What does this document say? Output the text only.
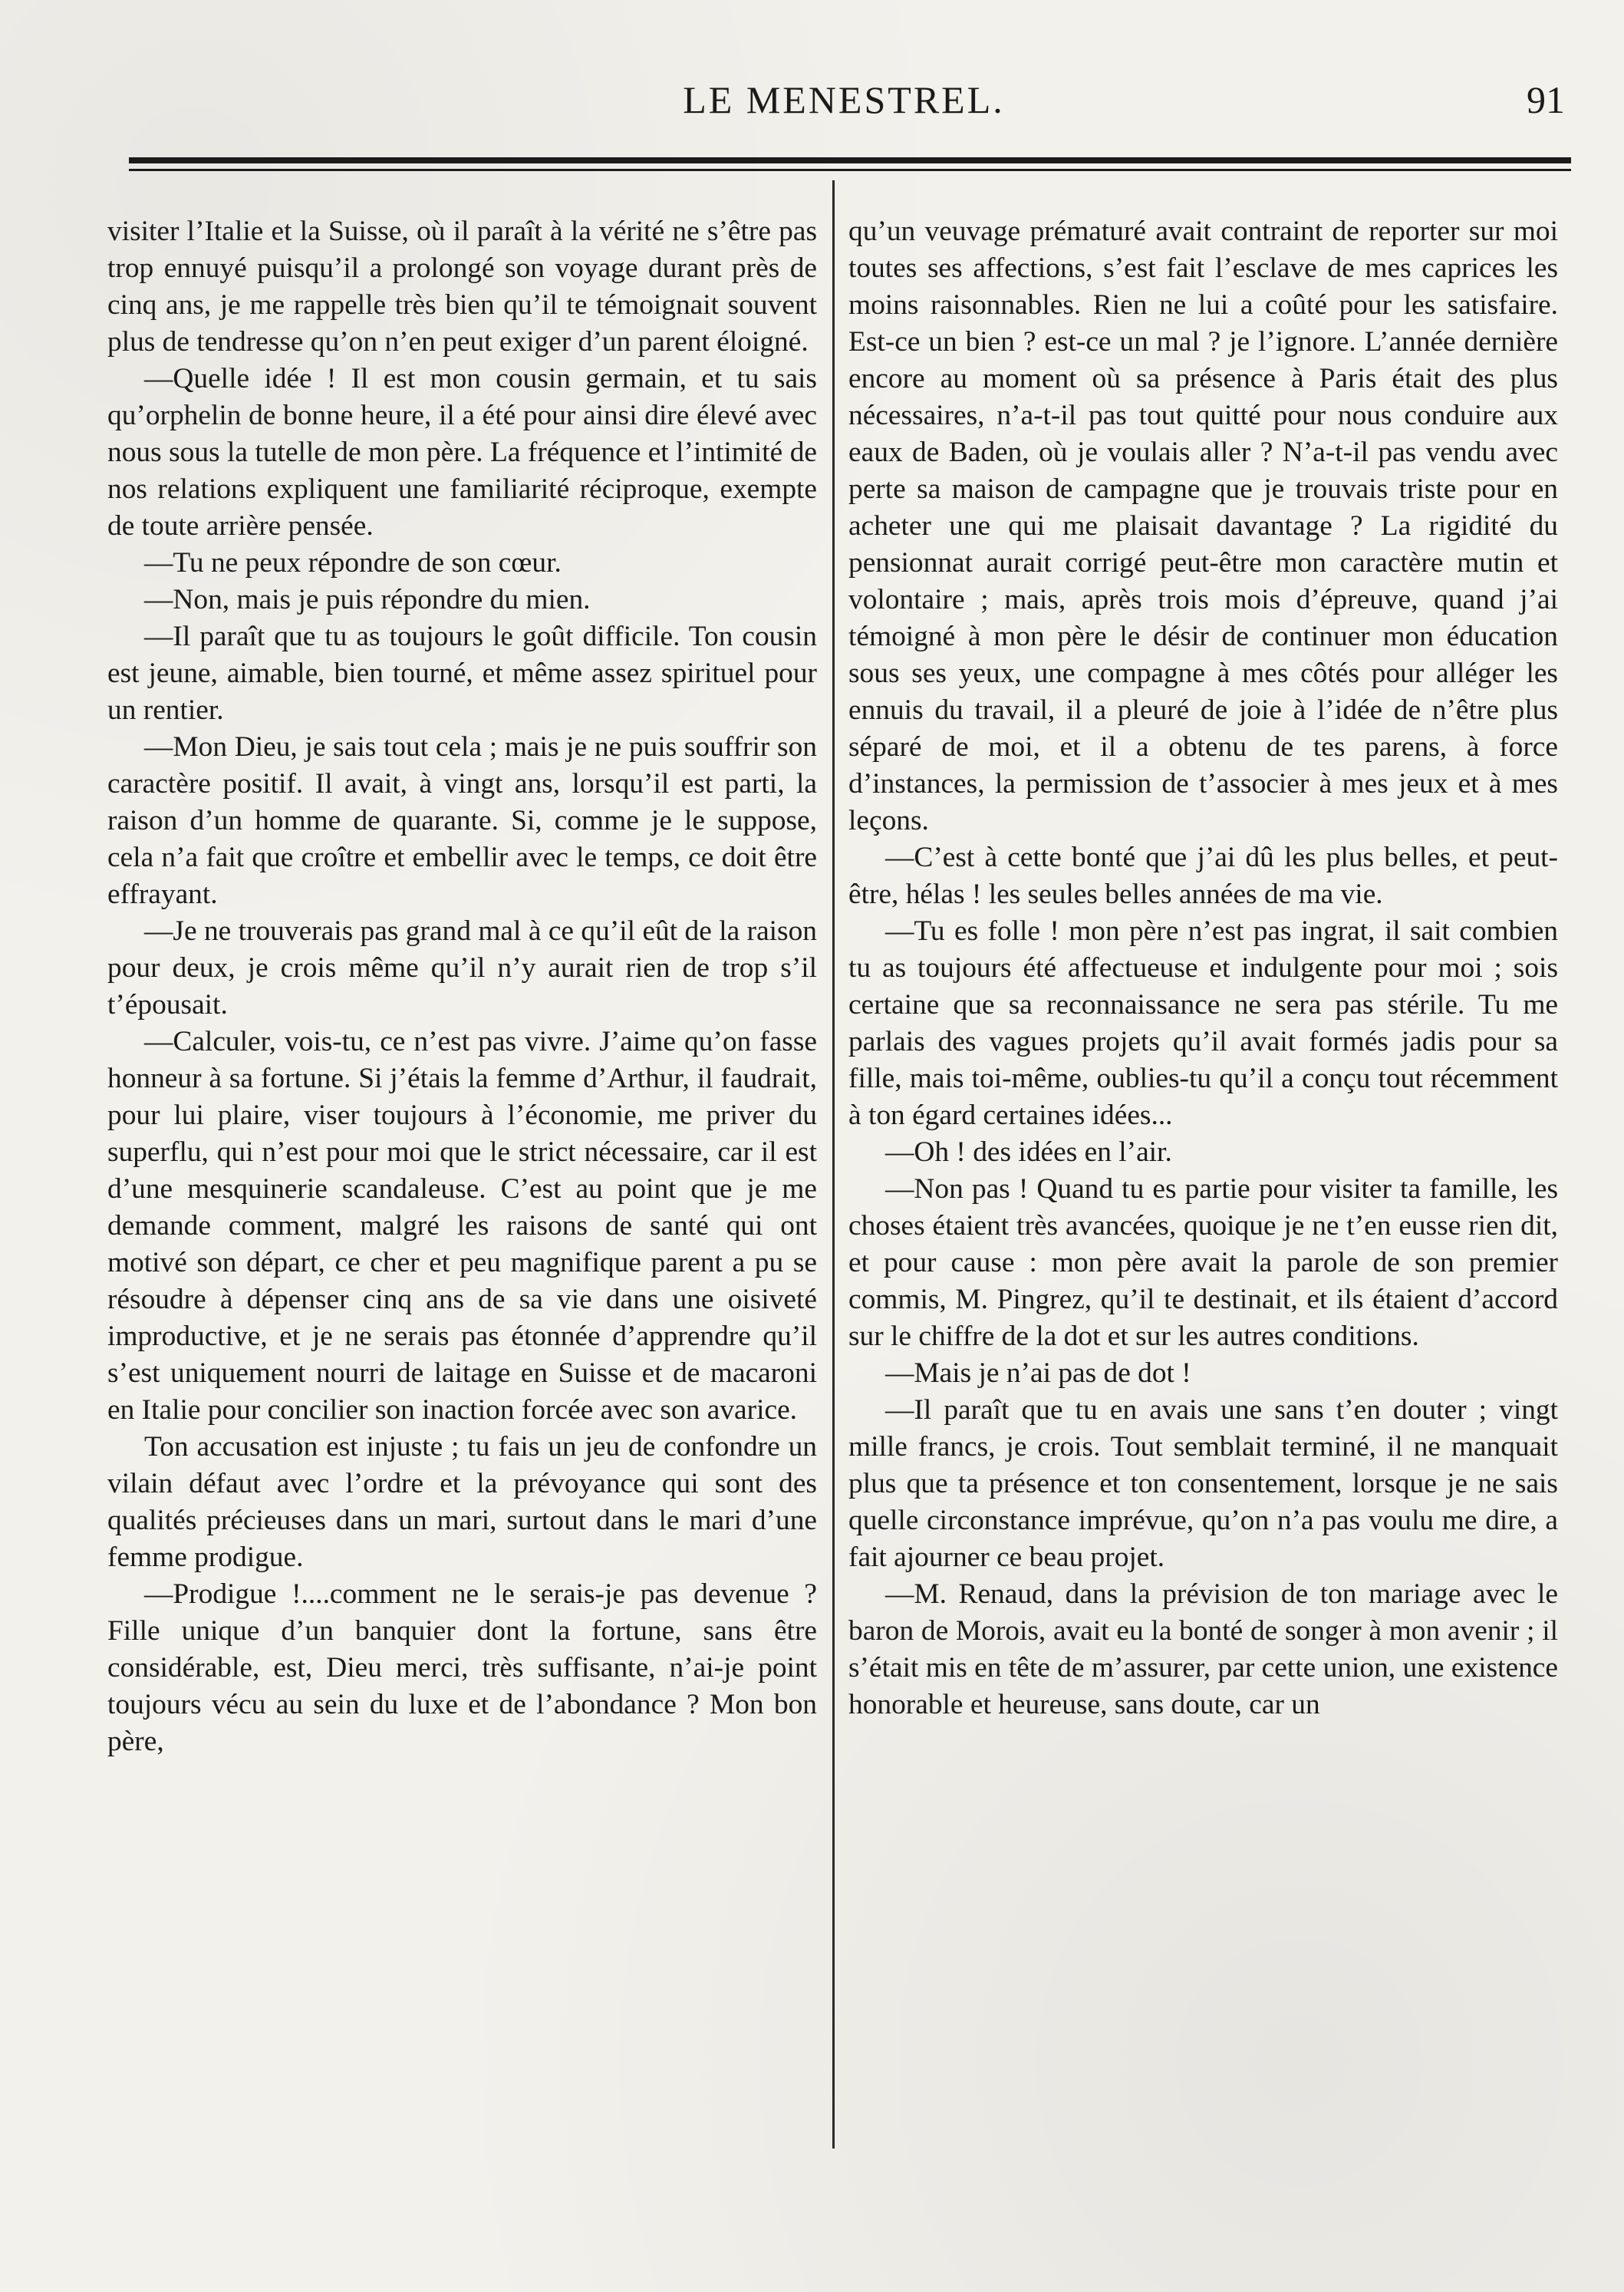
LE MENESTREL.	91

visiter l’Italie et la Suisse, où il paraît à la vérité ne s’être pas trop ennuyé puisqu’il a prolongé son voyage durant près de cinq ans, je me rappelle très bien qu’il te témoignait souvent plus de tendresse qu’on n’en peut exiger d’un parent éloigné.

—Quelle idée ! Il est mon cousin germain, et tu sais qu’orphelin de bonne heure, il a été pour ainsi dire élevé avec nous sous la tutelle de mon père. La fréquence et l’intimité de nos relations expliquent une familiarité réciproque, exempte de toute arrière pensée.

—Tu ne peux répondre de son cœur.

—Non, mais je puis répondre du mien.

—Il paraît que tu as toujours le goût difficile. Ton cousin est jeune, aimable, bien tourné, et même assez spirituel pour un rentier.

—Mon Dieu, je sais tout cela ; mais je ne puis souffrir son caractère positif. Il avait, à vingt ans, lorsqu’il est parti, la raison d’un homme de quarante. Si, comme je le suppose, cela n’a fait que croître et embellir avec le temps, ce doit être effrayant.

—Je ne trouverais pas grand mal à ce qu’il eût de la raison pour deux, je crois même qu’il n’y aurait rien de trop s’il t’épousait.

—Calculer, vois-tu, ce n’est pas vivre. J’aime qu’on fasse honneur à sa fortune. Si j’étais la femme d’Arthur, il faudrait, pour lui plaire, viser toujours à l’économie, me priver du superflu, qui n’est pour moi que le strict nécessaire, car il est d’une mesquinerie scandaleuse. C’est au point que je me demande comment, malgré les raisons de santé qui ont motivé son départ, ce cher et peu magnifique parent a pu se résoudre à dépenser cinq ans de sa vie dans une oisiveté improductive, et je ne serais pas étonnée d’apprendre qu’il s’est uniquement nourri de laitage en Suisse et de macaroni en Italie pour concilier son inaction forcée avec son avarice.

Ton accusation est injuste ; tu fais un jeu de confondre un vilain défaut avec l’ordre et la prévoyance qui sont des qualités précieuses dans un mari, surtout dans le mari d’une femme prodigue.

—Prodigue !....comment ne le serais-je pas devenue ? Fille unique d’un banquier dont la fortune, sans être considérable, est, Dieu merci, très suffisante, n’ai-je point toujours vécu au sein du luxe et de l’abondance ? Mon bon père,

qu’un veuvage prématuré avait contraint de reporter sur moi toutes ses affections, s’est fait l’esclave de mes caprices les moins raisonnables. Rien ne lui a coûté pour les satisfaire. Est-ce un bien ? est-ce un mal ? je l’ignore. L’année dernière encore au moment où sa présence à Paris était des plus nécessaires, n’a-t-il pas tout quitté pour nous conduire aux eaux de Baden, où je voulais aller ? N’a-t-il pas vendu avec perte sa maison de campagne que je trouvais triste pour en acheter une qui me plaisait davantage ? La rigidité du pensionnat aurait corrigé peut-être mon caractère mutin et volontaire ; mais, après trois mois d’épreuve, quand j’ai témoigné à mon père le désir de continuer mon éducation sous ses yeux, une compagne à mes côtés pour alléger les ennuis du travail, il a pleuré de joie à l’idée de n’être plus séparé de moi, et il a obtenu de tes parens, à force d’instances, la permission de t’associer à mes jeux et à mes leçons.

—C’est à cette bonté que j’ai dû les plus belles, et peut-être, hélas ! les seules belles années de ma vie.

—Tu es folle ! mon père n’est pas ingrat, il sait combien tu as toujours été affectueuse et indulgente pour moi ; sois certaine que sa reconnaissance ne sera pas stérile. Tu me parlais des vagues projets qu’il avait formés jadis pour sa fille, mais toi-même, oublies-tu qu’il a conçu tout récemment à ton égard certaines idées...

—Oh ! des idées en l’air.

—Non pas ! Quand tu es partie pour visiter ta famille, les choses étaient très avancées, quoique je ne t’en eusse rien dit, et pour cause : mon père avait la parole de son premier commis, M. Pingrez, qu’il te destinait, et ils étaient d’accord sur le chiffre de la dot et sur les autres conditions.

—Mais je n’ai pas de dot !

—Il paraît que tu en avais une sans t’en douter ; vingt mille francs, je crois. Tout semblait terminé, il ne manquait plus que ta présence et ton consentement, lorsque je ne sais quelle circonstance imprévue, qu’on n’a pas voulu me dire, a fait ajourner ce beau projet.

—M. Renaud, dans la prévision de ton mariage avec le baron de Morois, avait eu la bonté de songer à mon avenir ; il s’était mis en tête de m’assurer, par cette union, une existence honorable et heureuse, sans doute, car un
